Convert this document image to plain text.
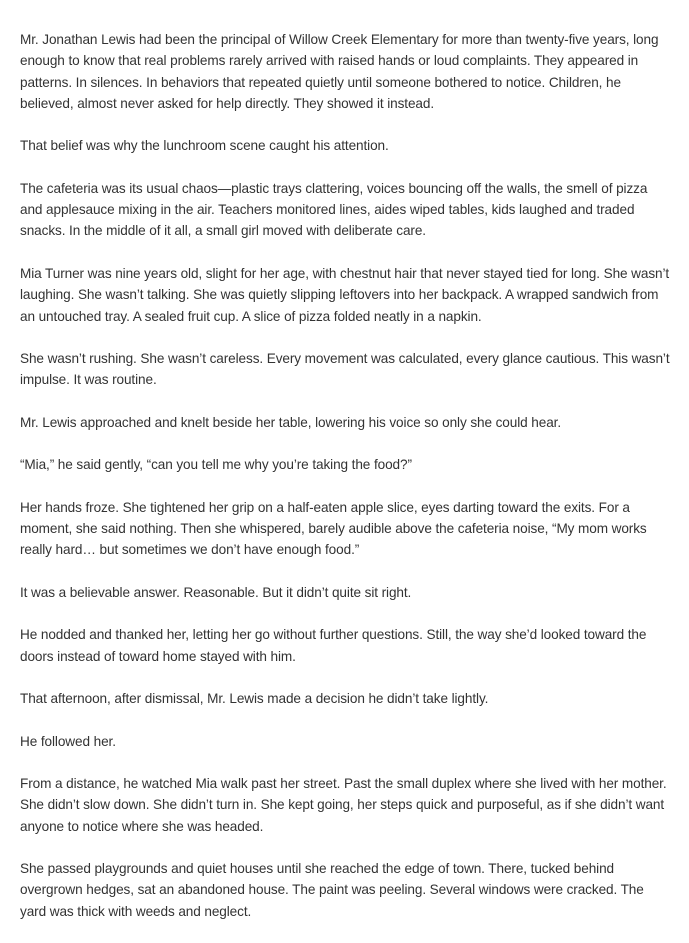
Mr. Jonathan Lewis had been the principal of Willow Creek Elementary for more than twenty-five years, long enough to know that real problems rarely arrived with raised hands or loud complaints. They appeared in patterns. In silences. In behaviors that repeated quietly until someone bothered to notice. Children, he believed, almost never asked for help directly. They showed it instead.

That belief was why the lunchroom scene caught his attention.

The cafeteria was its usual chaos—plastic trays clattering, voices bouncing off the walls, the smell of pizza and applesauce mixing in the air. Teachers monitored lines, aides wiped tables, kids laughed and traded snacks. In the middle of it all, a small girl moved with deliberate care.

Mia Turner was nine years old, slight for her age, with chestnut hair that never stayed tied for long. She wasn’t laughing. She wasn’t talking. She was quietly slipping leftovers into her backpack. A wrapped sandwich from an untouched tray. A sealed fruit cup. A slice of pizza folded neatly in a napkin.

She wasn’t rushing. She wasn’t careless. Every movement was calculated, every glance cautious. This wasn’t impulse. It was routine.

Mr. Lewis approached and knelt beside her table, lowering his voice so only she could hear.

“Mia,” he said gently, “can you tell me why you’re taking the food?”

Her hands froze. She tightened her grip on a half-eaten apple slice, eyes darting toward the exits. For a moment, she said nothing. Then she whispered, barely audible above the cafeteria noise, “My mom works really hard… but sometimes we don’t have enough food.”

It was a believable answer. Reasonable. But it didn’t quite sit right.

He nodded and thanked her, letting her go without further questions. Still, the way she’d looked toward the doors instead of toward home stayed with him.

That afternoon, after dismissal, Mr. Lewis made a decision he didn’t take lightly.

He followed her.

From a distance, he watched Mia walk past her street. Past the small duplex where she lived with her mother. She didn’t slow down. She didn’t turn in. She kept going, her steps quick and purposeful, as if she didn’t want anyone to notice where she was headed.

She passed playgrounds and quiet houses until she reached the edge of town. There, tucked behind overgrown hedges, sat an abandoned house. The paint was peeling. Several windows were cracked. The yard was thick with weeds and neglect.
